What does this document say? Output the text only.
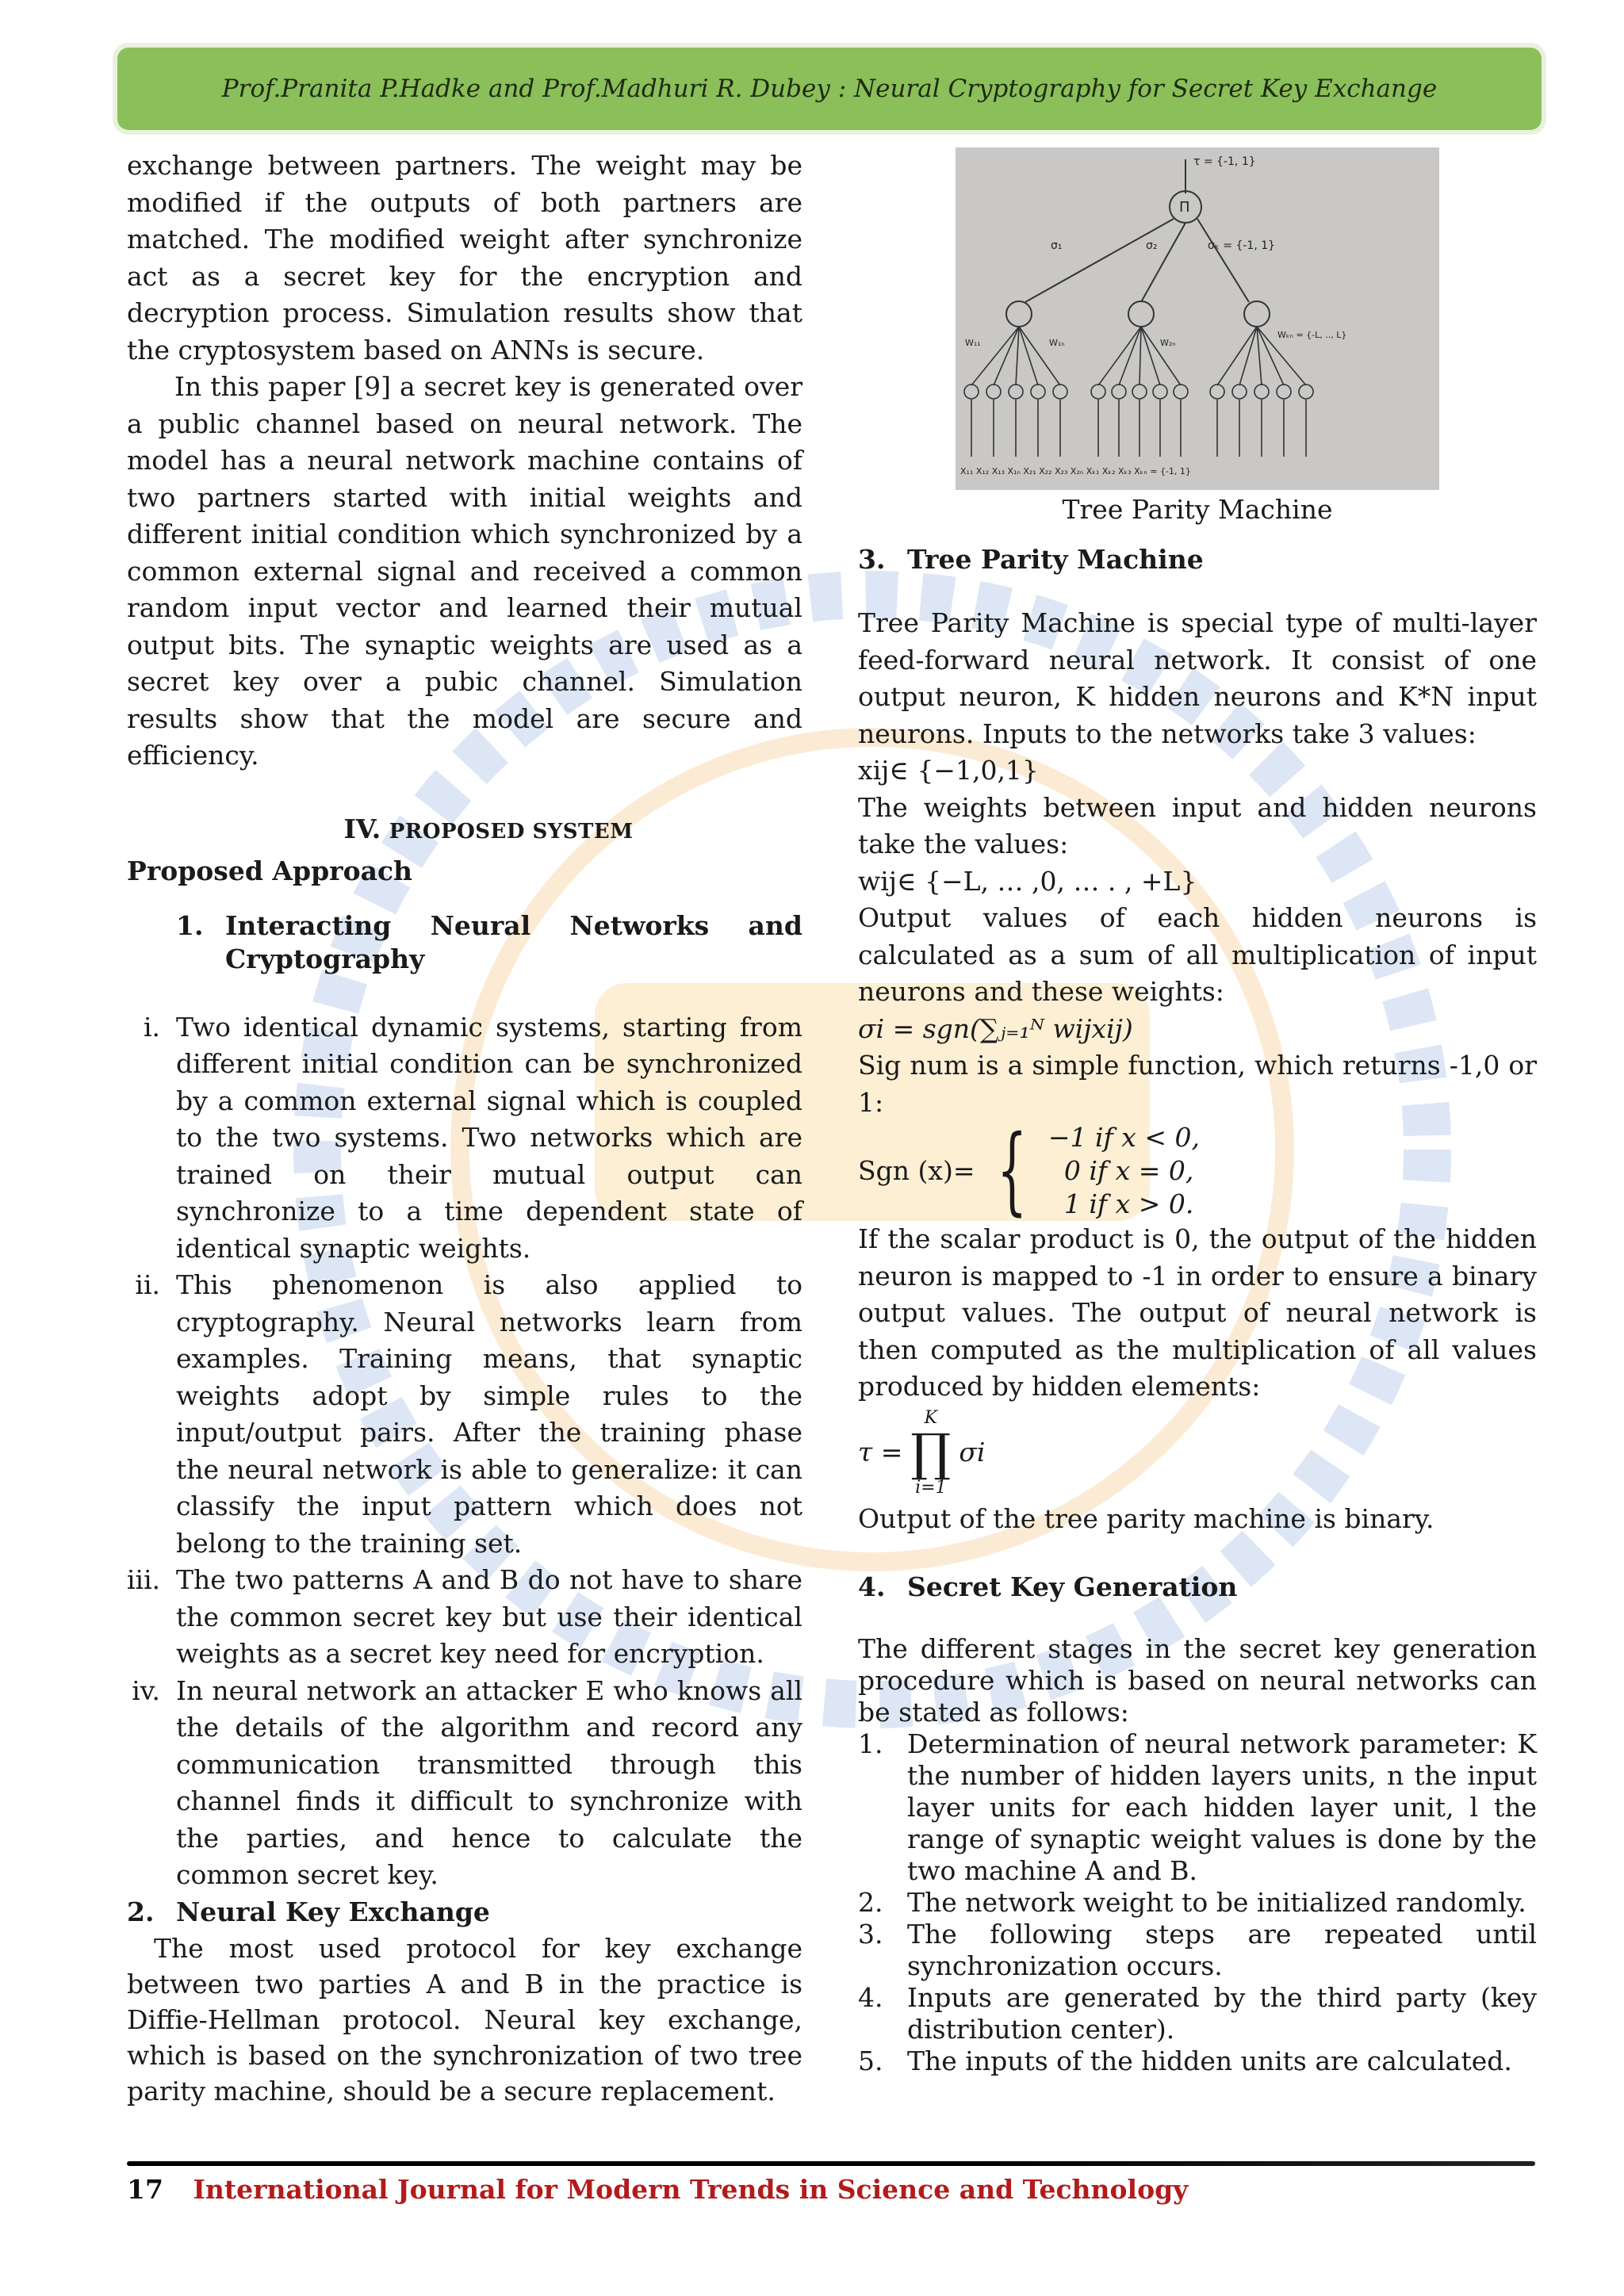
Prof.Pranita P.Hadke and Prof.Madhuri R. Dubey : Neural Cryptography for Secret Key Exchange

exchange between partners. The weight may be modified if the outputs of both partners are matched. The modified weight after synchronize act as a secret key for the encryption and decryption process. Simulation results show that the cryptosystem based on ANNs is secure.

In this paper [9] a secret key is generated over a public channel based on neural network. The model has a neural network machine contains of two partners started with initial weights and different initial condition which synchronized by a common external signal and received a common random input vector and learned their mutual output bits. The synaptic weights are used as a secret key over a pubic channel. Simulation results show that the model are secure and efficiency.

IV. PROPOSED SYSTEM

Proposed Approach

1. Interacting Neural Networks and Cryptography
i. Two identical dynamic systems, starting from different initial condition can be synchronized by a common external signal which is coupled to the two systems. Two networks which are trained on their mutual output can synchronize to a time dependent state of identical synaptic weights.
ii. This phenomenon is also applied to cryptography. Neural networks learn from examples. Training means, that synaptic weights adopt by simple rules to the input/output pairs. After the training phase the neural network is able to generalize: it can classify the input pattern which does not belong to the training set.
iii. The two patterns A and B do not have to share the common secret key but use their identical weights as a secret key need for encryption.
iv. In neural network an attacker E who knows all the details of the algorithm and record any communication transmitted through this channel finds it difficult to synchronize with the parties, and hence to calculate the common secret key.
2. Neural Key Exchange

The most used protocol for key exchange between two parties A and B in the practice is Diffie-Hellman protocol. Neural key exchange, which is based on the synchronization of two tree parity machine, should be a secure replacement.

τ = {-1, 1}
Π
σ₁	σ₂	σₖ = {-1, 1}
W₁₁	W₁ₙ	W₂ₙ
Wₖₙ = {-L, .., L}
X₁₁ X₁₂ X₁₃ X₁ₙ X₂₁ X₂₂ X₂₃ X₂ₙ Xₖ₁ Xₖ₂ Xₖ₃ Xₖₙ = {-1, 1}

Tree Parity Machine

3. Tree Parity Machine

Tree Parity Machine is special type of multi-layer feed-forward neural network. It consist of one output neuron, K hidden neurons and K*N input neurons. Inputs to the networks take 3 values:

xij∈ {−1,0,1}

The weights between input and hidden neurons take the values:

wij∈ {−L, … ,0, … . , +L}

Output values of each hidden neurons is calculated as a sum of all multiplication of input neurons and these weights:

σi = sgn(∑ⱼ₌₁ᴺ wijxij)

Sig num is a simple function, which returns -1,0 or 1:

Sgn (x)= { −1 if x < 0,
0 if x = 0,
1 if x > 0.

If the scalar product is 0, the output of the hidden neuron is mapped to -1 in order to ensure a binary output values. The output of neural network is then computed as the multiplication of all values produced by hidden elements:

τ =
K
∏
i=1
σi

Output of the tree parity machine is binary.

4. Secret Key Generation

The different stages in the secret key generation procedure which is based on neural networks can be stated as follows:

1. Determination of neural network parameter: K the number of hidden layers units, n the input layer units for each hidden layer unit, l the range of synaptic weight values is done by the two machine A and B.
2. The network weight to be initialized randomly.
3. The following steps are repeated until synchronization occurs.
4. Inputs are generated by the third party (key distribution center).
5. The inputs of the hidden units are calculated.
17 International Journal for Modern Trends in Science and Technology
